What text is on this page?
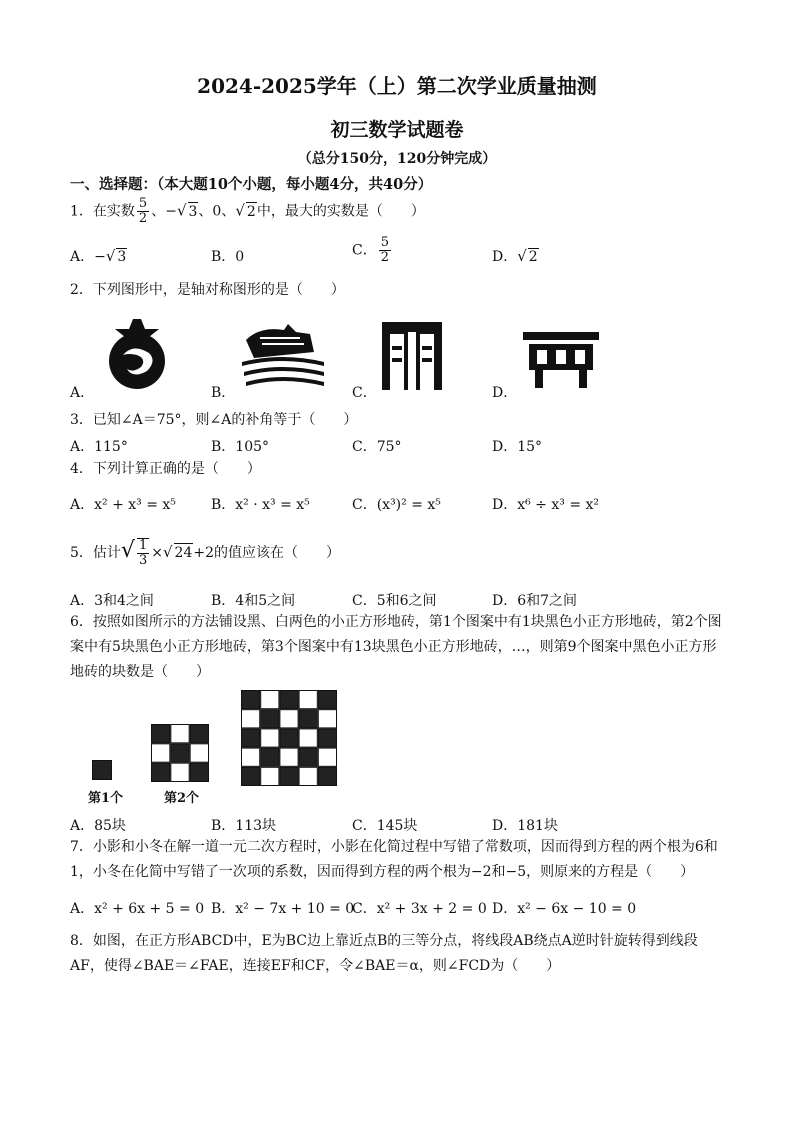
2024-2025学年（上）第二次学业质量抽测
初三数学试题卷
（总分150分，120分钟完成）
一、选择题：（本大题10个小题，每小题4分，共40分）
1．在实数 $\frac{5}{2}$ 、−√ 3、0、√ 2中，最大的实数是（　　）
A．−√ 3	B．0	C． $\frac{5}{2}$	D．√ 2
2．下列图形中，是轴对称图形的是（　　）
A．	B．	C．	D．
3．已知∠A＝75°，则∠A的补角等于（　　）
A．115°	B．105°	C．75°	D．15°
4．下列计算正确的是（　　）
A．x² + x³ = x⁵	B．x² · x³ = x⁵	C．(x³)² = x⁵	D．x⁶ ÷ x³ = x²
5．估计√ $\frac{1}{3}$ ×√ 24+2的值应该在（　　）
A．3和4之间	B．4和5之间	C．5和6之间	D．6和7之间
6．按照如图所示的方法铺设黑、白两色的小正方形地砖，第1个图案中有1块黑色小正方形地砖，第2个图案中有5块黑色小正方形地砖，第3个图案中有13块黑色小正方形地砖，…，则第9个图案中黑色小正方形地砖的块数是（　　）
第1个	第2个
A．85块	B．113块	C．145块	D．181块
7．小影和小冬在解一道一元二次方程时，小影在化简过程中写错了常数项，因而得到方程的两个根为6和1，小冬在化简中写错了一次项的系数，因而得到方程的两个根为−2和−5，则原来的方程是（　　）
A．x² + 6x + 5 = 0 B．x² − 7x + 10 = 0
C．x² + 3x + 2 = 0 D．x² − 6x − 10 = 0
8．如图，在正方形ABCD中，E为BC边上靠近点B的三等分点，将线段AB绕点A逆时针旋转得到线段AF，使得∠BAE＝∠FAE，连接EF和CF，令∠BAE＝α，则∠FCD为（　　）
